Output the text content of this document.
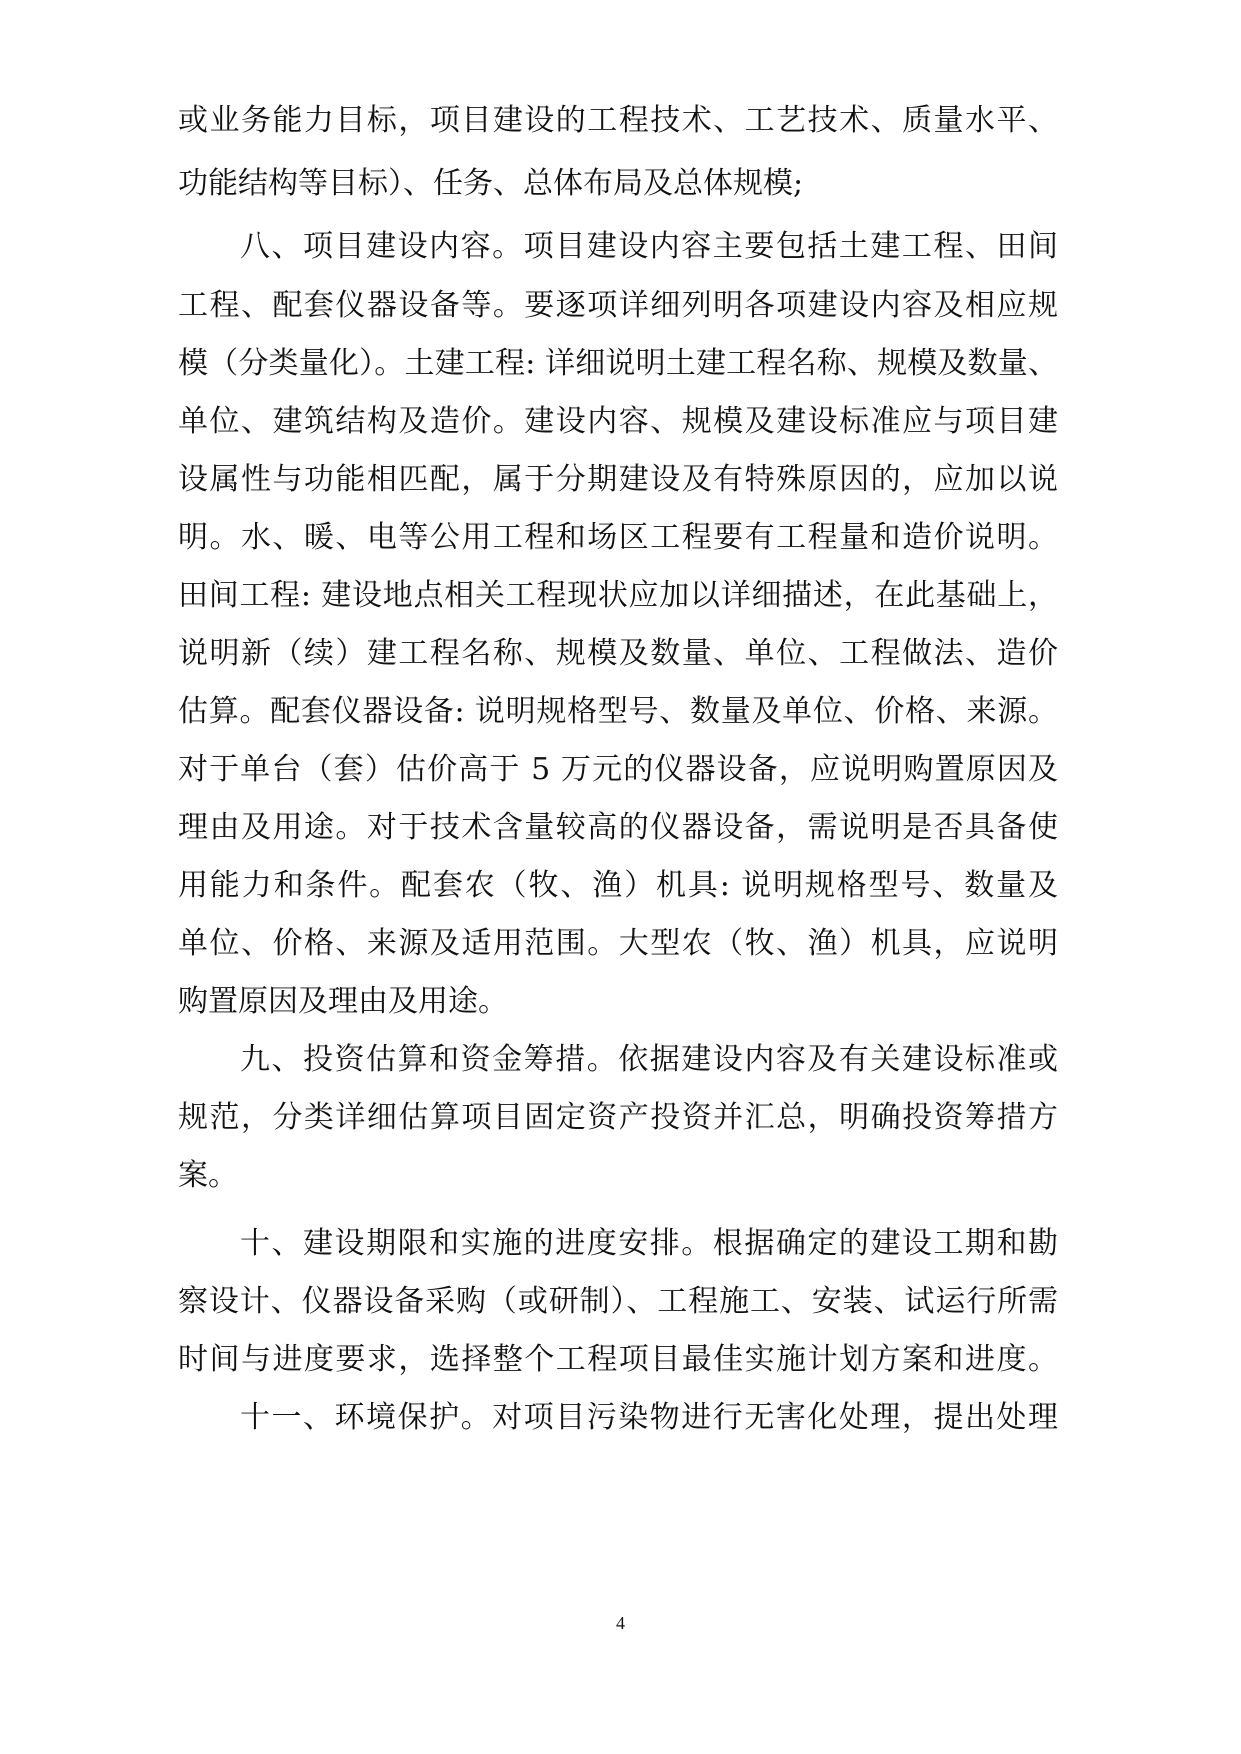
或业务能力目标，项目建设的工程技术、工艺技术、质量水平、
功能结构等目标）、任务、总体布局及总体规模;
八、项目建设内容。项目建设内容主要包括土建工程、田间
工程、配套仪器设备等。要逐项详细列明各项建设内容及相应规
模（分类量化）。土建工程: 详细说明土建工程名称、规模及数量、
单位、建筑结构及造价。建设内容、规模及建设标准应与项目建
设属性与功能相匹配，属于分期建设及有特殊原因的，应加以说
明。水、暖、电等公用工程和场区工程要有工程量和造价说明。
田间工程: 建设地点相关工程现状应加以详细描述，在此基础上，
说明新（续）建工程名称、规模及数量、单位、工程做法、造价
估算。配套仪器设备: 说明规格型号、数量及单位、价格、来源。
对于单台（套）估价高于 5 万元的仪器设备，应说明购置原因及
理由及用途。对于技术含量较高的仪器设备，需说明是否具备使
用能力和条件。配套农（牧、渔）机具: 说明规格型号、数量及
单位、价格、来源及适用范围。大型农（牧、渔）机具，应说明
购置原因及理由及用途。
九、投资估算和资金筹措。依据建设内容及有关建设标准或
规范，分类详细估算项目固定资产投资并汇总，明确投资筹措方
案。
十、建设期限和实施的进度安排。根据确定的建设工期和勘
察设计、仪器设备采购（或研制）、工程施工、安装、试运行所需
时间与进度要求，选择整个工程项目最佳实施计划方案和进度。
十一、环境保护。对项目污染物进行无害化处理，提出处理
4
